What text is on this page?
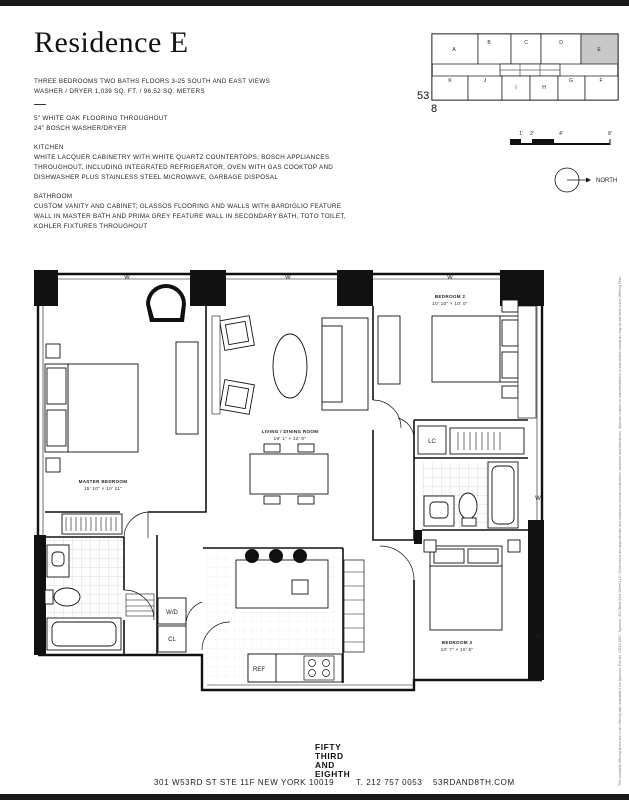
Residence E
THREE BEDROOMS TWO BATHS FLOORS 3-25 SOUTH AND EAST VIEWS
WASHER / DRYER 1,039 SQ. FT. / 96.52 SQ. METERS
5" WHITE OAK FLOORING THROUGHOUT
24" BOSCH WASHER/DRYER
KITCHEN
WHITE LACQUER CABINETRY WITH WHITE QUARTZ COUNTERTOPS; BOSCH APPLIANCES
THROUGHOUT, INCLUDING INTEGRATED REFRIGERATOR, OVEN WITH GAS COOKTOP AND
DISHWASHER PLUS STAINLESS STEEL MICROWAVE, GARBAGE DISPOSAL
BATHROOM
CUSTOM VANITY AND CABINET; GLASSOS FLOORING AND WALLS WITH BARDIGLIO FEATURE
WALL IN MASTER BATH AND PRIMA GREY FEATURE WALL IN SECONDARY BATH, TOTO TOILET,
KOHLER FIXTURES THROUGHOUT
A
B	C	D
E
K	J
I	H
G	F
53
8
1' 2'	4'	8'
NORTH
W	W	W
W
W
MASTER BEDROOM
15' 10" × 10' 11"
LIVING / DINING ROOM
19' 1" × 12' 0"
BEDROOM 2
10' 10" × 10' 0"
BEDROOM 3
10' 7" × 10' 5"
LC
W/D
CL
REF	The complete offering terms are in an offering plan available from Sponsor. File No. CD13-0047. Sponsor: 301 West 53rd Street LLC. Dimensions are approximate and subject to normal construction variances and tolerances. Sponsor makes no representations or warranties except as may be set forth in the Offering Plan.
FIFTY
THIRD
AND
EIGHTH
301 W53RD ST STE 11F NEW YORK 10019	T. 212 757 0053 53RDAND8TH.COM
